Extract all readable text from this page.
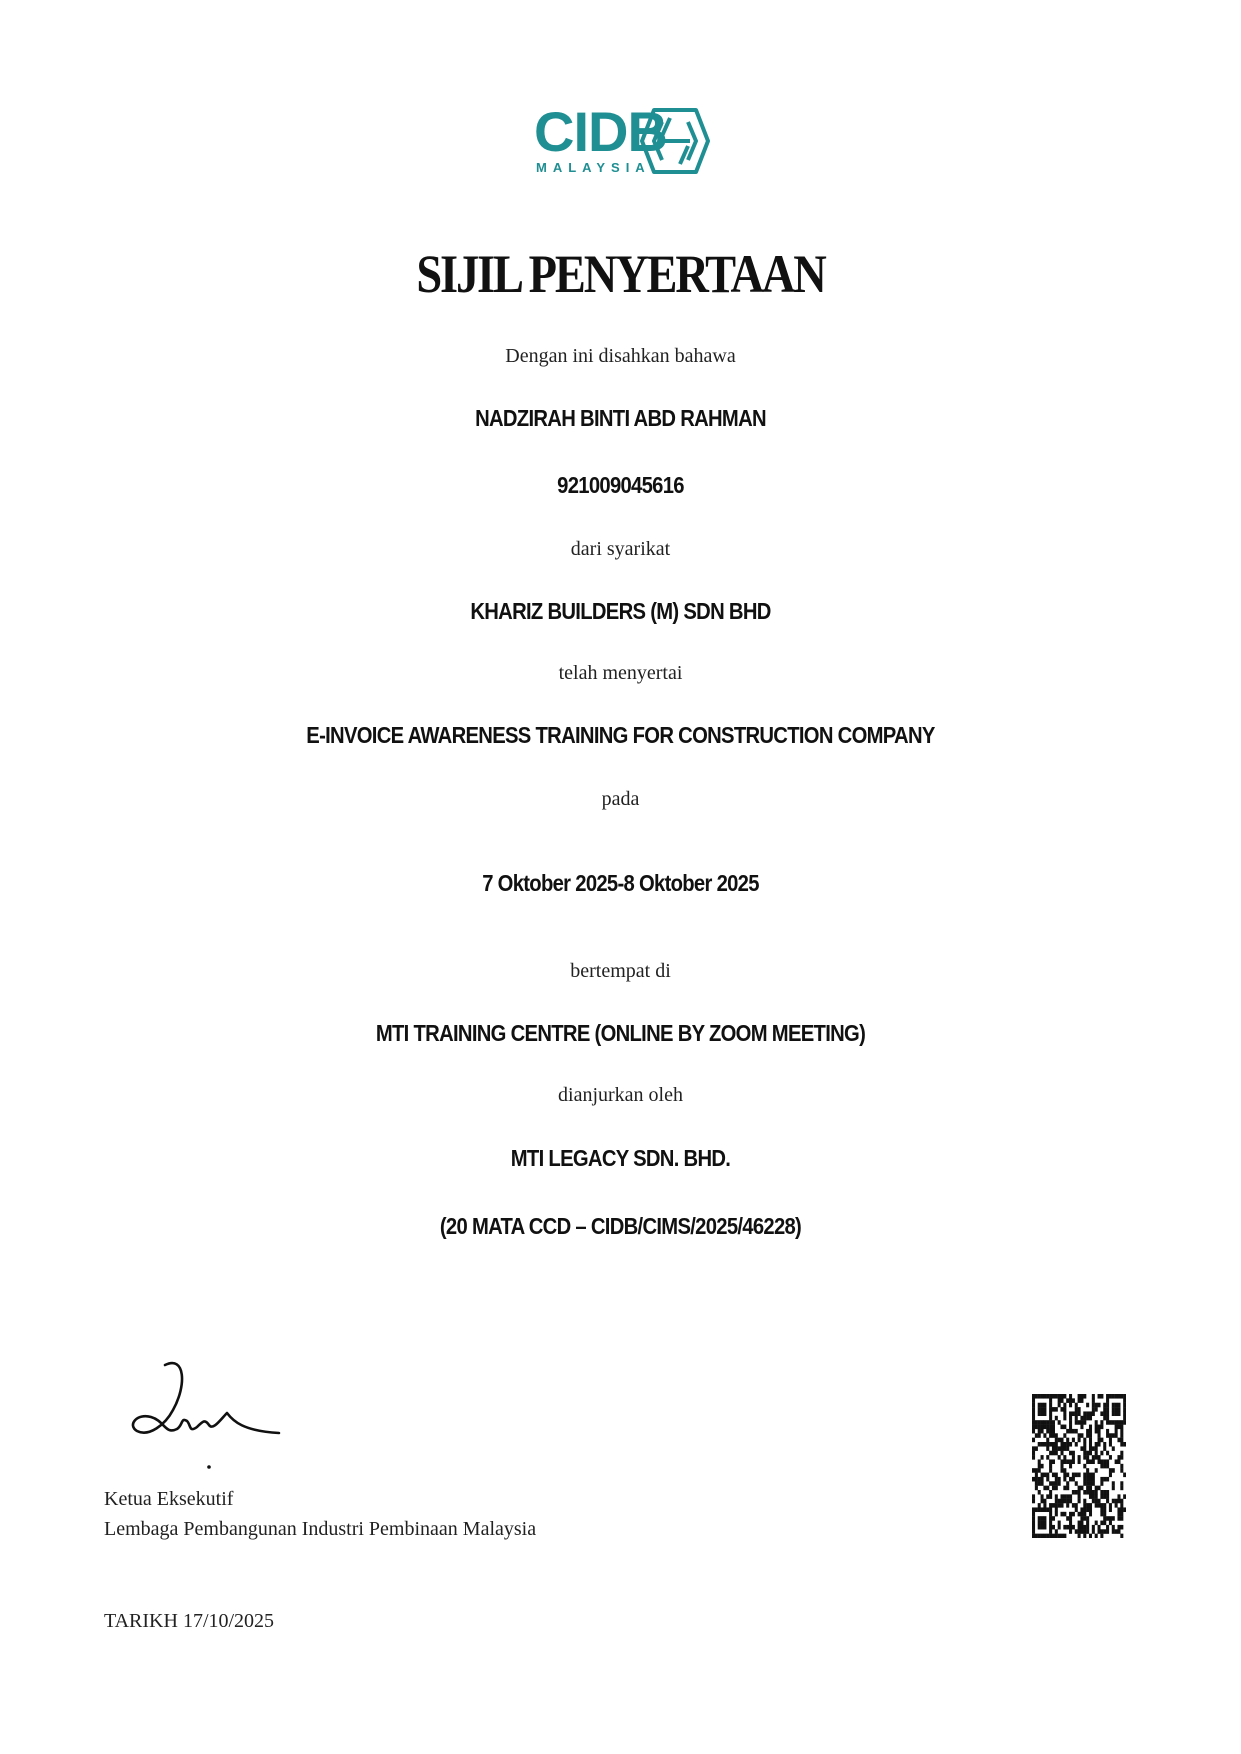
CIDB
MALAYSIA
SIJIL PENYERTAAN
Dengan ini disahkan bahawa
NADZIRAH BINTI ABD RAHMAN
921009045616
dari syarikat
KHARIZ BUILDERS (M) SDN BHD
telah menyertai
E-INVOICE AWARENESS TRAINING FOR CONSTRUCTION COMPANY
pada
7 Oktober 2025-8 Oktober 2025
bertempat di
MTI TRAINING CENTRE (ONLINE BY ZOOM MEETING)
dianjurkan oleh
MTI LEGACY SDN. BHD.
(20 MATA CCD – CIDB/CIMS/2025/46228)
Ketua Eksekutif
Lembaga Pembangunan Industri Pembinaan Malaysia
TARIKH 17/10/2025
